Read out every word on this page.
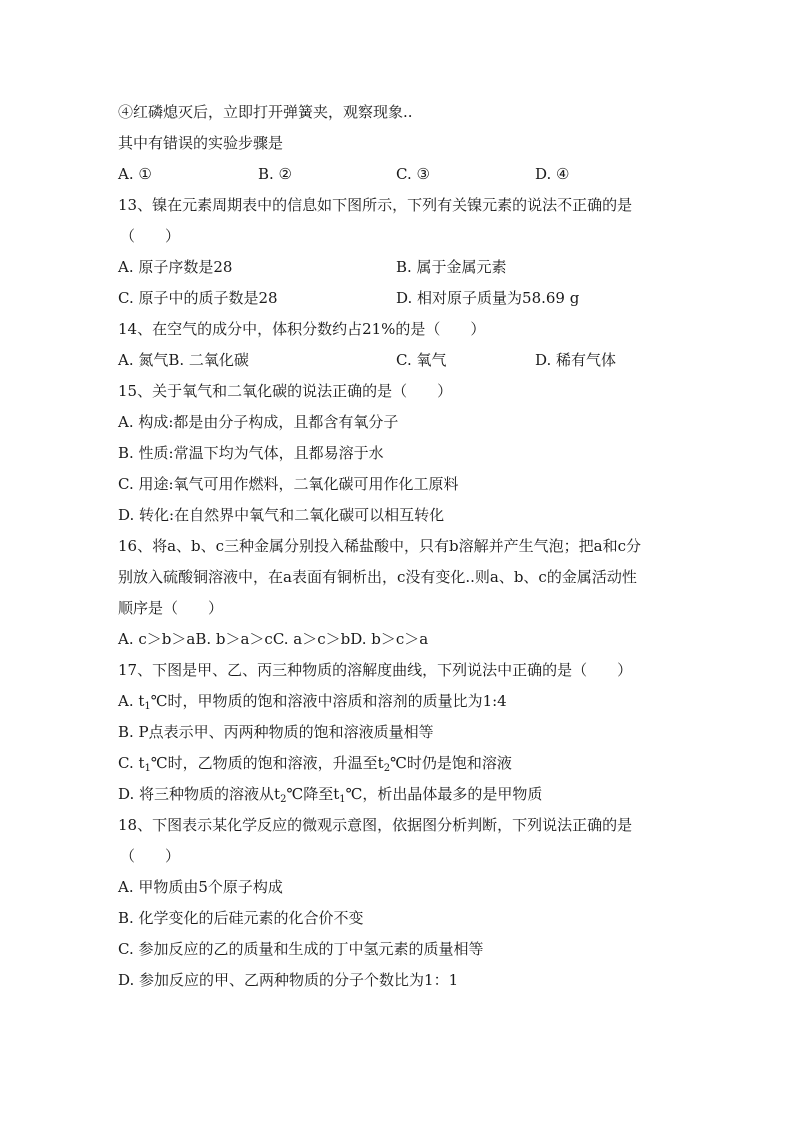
④红磷熄灭后，立即打开弹簧夹，观察现象..
其中有错误的实验步骤是
A. ①	B. ②	C. ③	D. ④
13、镍在元素周期表中的信息如下图所示，下列有关镍元素的说法不正确的是
（　　）
A. 原子序数是28	B. 属于金属元素
C. 原子中的质子数是28	D. 相对原子质量为58.69 g
14、在空气的成分中，体积分数约占21%的是（　　）
A. 氮气B. 二氧化碳	C. 氧气	D. 稀有气体
15、关于氧气和二氧化碳的说法正确的是（　　）
A. 构成:都是由分子构成，且都含有氧分子
B. 性质:常温下均为气体，且都易溶于水
C. 用途:氧气可用作燃料，二氧化碳可用作化工原料
D. 转化:在自然界中氧气和二氧化碳可以相互转化
16、将a、b、c三种金属分别投入稀盐酸中，只有b溶解并产生气泡；把a和c分
别放入硫酸铜溶液中，在a表面有铜析出，c没有变化..则a、b、c的金属活动性
顺序是（　　）
A. c＞b＞aB. b＞a＞cC. a＞c＞bD. b＞c＞a
17、下图是甲、乙、丙三种物质的溶解度曲线，下列说法中正确的是（　　）
A. $t_1℃$时，甲物质的饱和溶液中溶质和溶剂的质量比为1:4
B. P点表示甲、丙两种物质的饱和溶液质量相等
C. $t_1℃$时，乙物质的饱和溶液，升温至$t_2℃$时仍是饱和溶液
D. 将三种物质的溶液从$t_2℃$降至$t_1℃$，析出晶体最多的是甲物质
18、下图表示某化学反应的微观示意图，依据图分析判断，下列说法正确的是
（　　）
A. 甲物质由5个原子构成
B. 化学变化的后硅元素的化合价不变
C. 参加反应的乙的质量和生成的丁中氢元素的质量相等
D. 参加反应的甲、乙两种物质的分子个数比为1：1
